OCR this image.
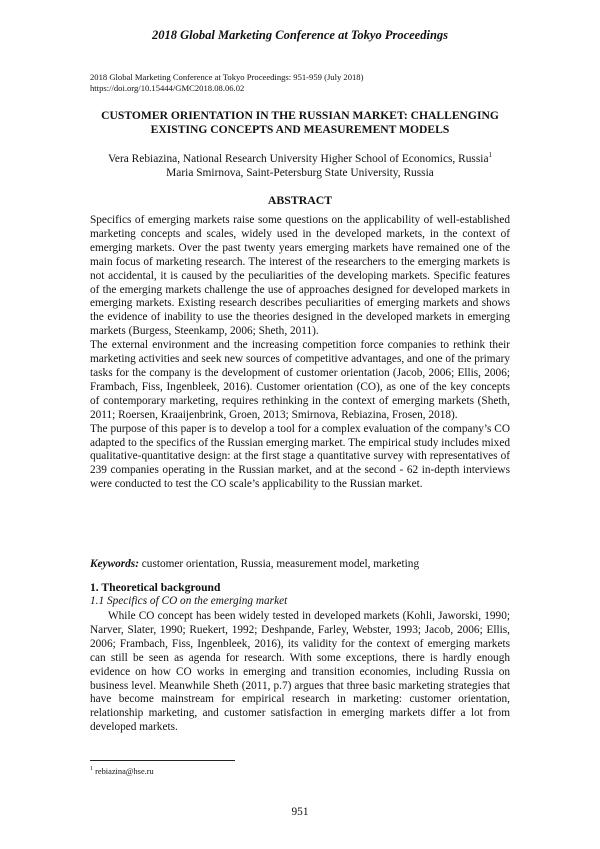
2018 Global Marketing Conference at Tokyo Proceedings
2018 Global Marketing Conference at Tokyo Proceedings: 951-959 (July 2018)
https://doi.org/10.15444/GMC2018.08.06.02
CUSTOMER ORIENTATION IN THE RUSSIAN MARKET: CHALLENGING
EXISTING CONCEPTS AND MEASUREMENT MODELS
Vera Rebiazina, National Research University Higher School of Economics, Russia$^1$
Maria Smirnova, Saint-Petersburg State University, Russia
ABSTRACT

Specifics of emerging markets raise some questions on the applicability of well-established marketing concepts and scales, widely used in the developed markets, in the context of emerging markets. Over the past twenty years emerging markets have remained one of the main focus of marketing research. The interest of the researchers to the emerging markets is not accidental, it is caused by the peculiarities of the developing markets. Specific features of the emerging markets challenge the use of approaches designed for developed markets in emerging markets. Existing research describes peculiarities of emerging markets and shows the evidence of inability to use the theories designed in the developed markets in emerging markets (Burgess, Steenkamp, 2006; Sheth, 2011).

The external environment and the increasing competition force companies to rethink their marketing activities and seek new sources of competitive advantages, and one of the primary tasks for the company is the development of customer orientation (Jacob, 2006; Ellis, 2006; Frambach, Fiss, Ingenbleek, 2016). Customer orientation (CO), as one of the key concepts of contemporary marketing, requires rethinking in the context of emerging markets (Sheth, 2011; Roersen, Kraaijenbrink, Groen, 2013; Smirnova, Rebiazina, Frosen, 2018).

The purpose of this paper is to develop a tool for a complex evaluation of the company’s CO adapted to the specifics of the Russian emerging market. The empirical study includes mixed qualitative-quantitative design: at the first stage a quantitative survey with representatives of 239 companies operating in the Russian market, and at the second - 62 in-depth interviews were conducted to test the CO scale’s applicability to the Russian market.

Keywords: customer orientation, Russia, measurement model, marketing
1. Theoretical background
1.1 Specifics of CO on the emerging market

While CO concept has been widely tested in developed markets (Kohli, Jaworski, 1990; Narver, Slater, 1990; Ruekert, 1992; Deshpande, Farley, Webster, 1993; Jacob, 2006; Ellis, 2006; Frambach, Fiss, Ingenbleek, 2016), its validity for the context of emerging markets can still be seen as agenda for research. With some exceptions, there is hardly enough evidence on how CO works in emerging and transition economies, including Russia on business level. Meanwhile Sheth (2011, p.7) argues that three basic marketing strategies that have become mainstream for empirical research in marketing: customer orientation, relationship marketing, and customer satisfaction in emerging markets differ a lot from developed markets.

$^1$ rebiazina@hse.ru
951
